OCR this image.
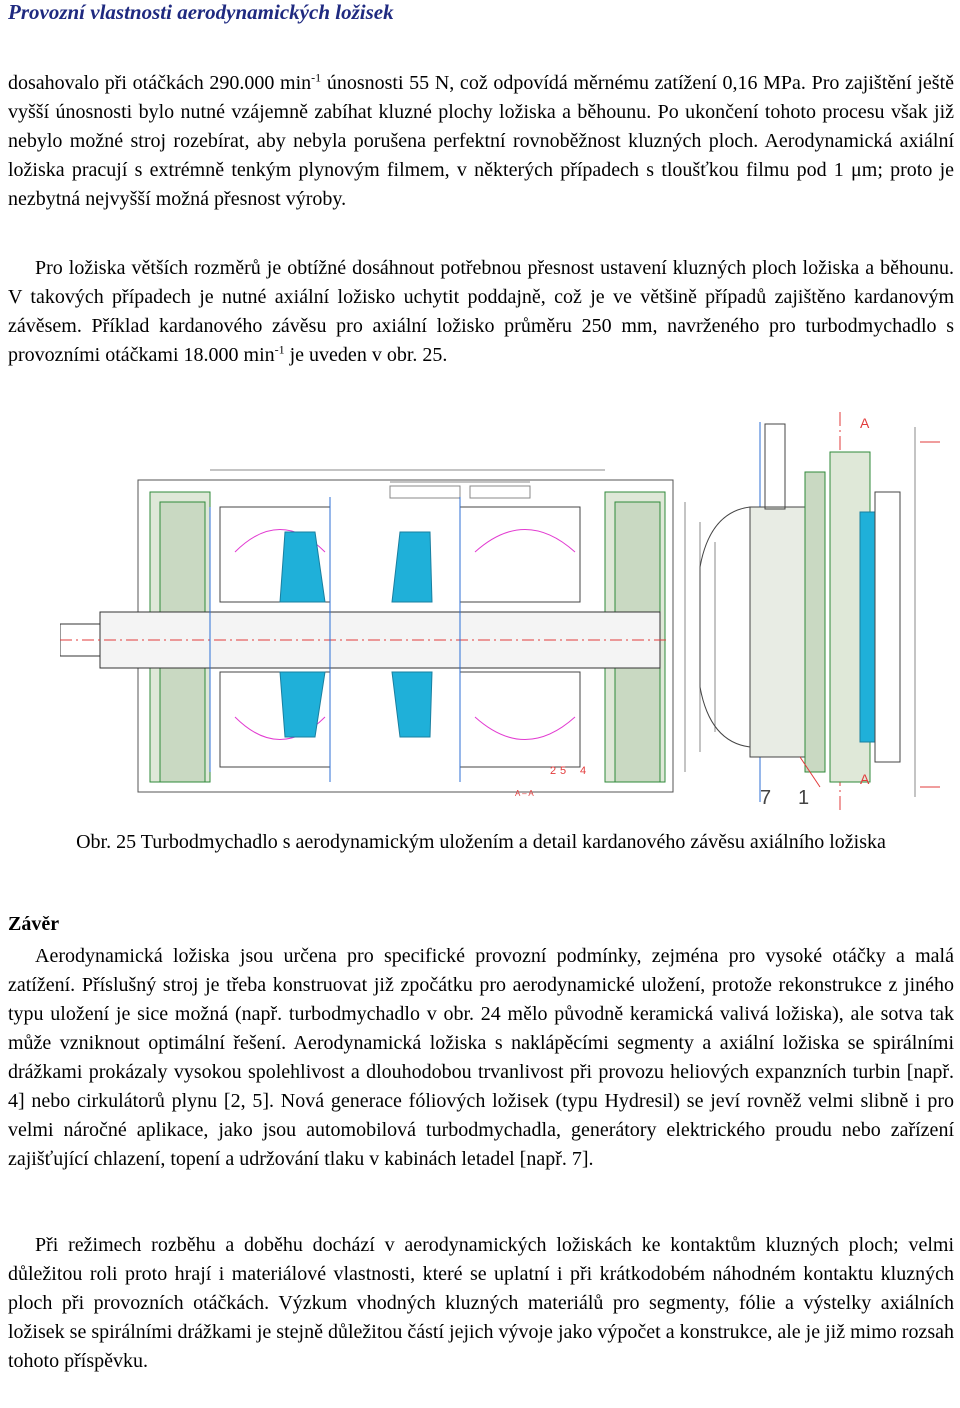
Provozní vlastnosti aerodynamických ložisek

dosahovalo při otáčkách 290.000 $\min^{-1}$ únosnosti 55 N, což odpovídá měrnému zatížení 0,16 MPa. Pro zajištění ještě vyšší únosnosti bylo nutné vzájemně zabíhat kluzné plochy ložiska a běhounu. Po ukončení tohoto procesu však již nebylo možné stroj rozebírat, aby nebyla porušena perfektní rovnoběžnost kluzných ploch. Aerodynamická axiální ložiska pracují s extrémně tenkým plynovým filmem, v některých případech s tloušťkou filmu pod 1 μm; proto je nezbytná nejvyšší možná přesnost výroby.

Pro ložiska větších rozměrů je obtížné dosáhnout potřebnou přesnost ustavení kluzných ploch ložiska a běhounu. V takových případech je nutné axiální ložisko uchytit poddajně, což je ve většině případů zajištěno kardanovým závěsem. Příklad kardanového závěsu pro axiální ložisko průměru 250 mm, navrženého pro turbodmychadlo s provozními otáčkami 18.000 $\min^{-1}$ je uveden v obr. 25.

2 5 4
A – A
A
A
7 1
Obr. 25 Turbodmychadlo s aerodynamickým uložením a detail kardanového závěsu axiálního ložiska
Závěr

Aerodynamická ložiska jsou určena pro specifické provozní podmínky, zejména pro vysoké otáčky a malá zatížení. Příslušný stroj je třeba konstruovat již zpočátku pro aerodynamické uložení, protože rekonstrukce z jiného typu uložení je sice možná (např. turbodmychadlo v obr. 24 mělo původně keramická valivá ložiska), ale sotva tak může vzniknout optimální řešení. Aerodynamická ložiska s naklápěcími segmenty a axiální ložiska se spirálními drážkami prokázaly vysokou spolehlivost a dlouhodobou trvanlivost při provozu heliových expanzních turbin [např. 4] nebo cirkulátorů plynu [2, 5]. Nová generace fóliových ložisek (typu Hydresil) se jeví rovněž velmi slibně i pro velmi náročné aplikace, jako jsou automobilová turbodmychadla, generátory elektrického proudu nebo zařízení zajišťující chlazení, topení a udržování tlaku v kabinách letadel [např. 7].

Při režimech rozběhu a doběhu dochází v aerodynamických ložiskách ke kontaktům kluzných ploch; velmi důležitou roli proto hrají i materiálové vlastnosti, které se uplatní i při krátkodobém náhodném kontaktu kluzných ploch při provozních otáčkách. Výzkum vhodných kluzných materiálů pro segmenty, fólie a výstelky axiálních ložisek se spirálními drážkami je stejně důležitou částí jejich vývoje jako výpočet a konstrukce, ale je již mimo rozsah tohoto příspěvku.
